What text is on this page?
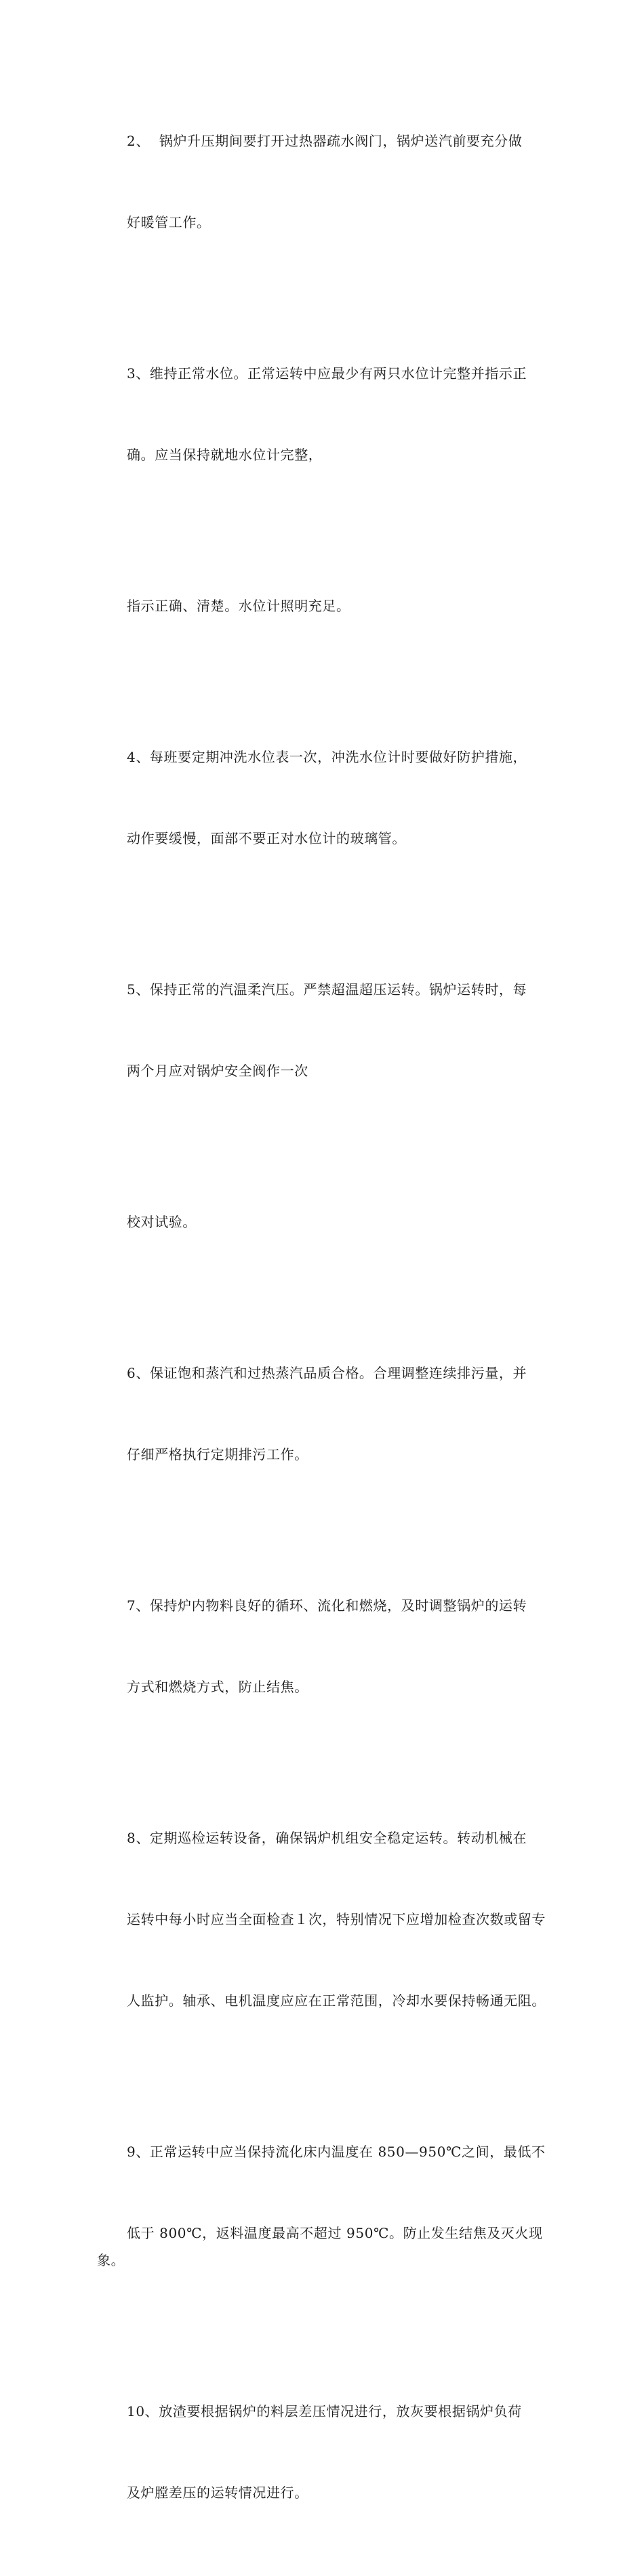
2、  锅炉升压期间要打开过热器疏水阀门，锅炉送汽前要充分做

好暖管工作。

3、维持正常水位。正常运转中应最少有两只水位计完整并指示正

确。应当保持就地水位计完整，

指示正确、清楚。水位计照明充足。

4、每班要定期冲洗水位表一次，冲洗水位计时要做好防护措施，

动作要缓慢，面部不要正对水位计的玻璃管。

5、保持正常的汽温柔汽压。严禁超温超压运转。锅炉运转时，每

两个月应对锅炉安全阀作一次

校对试验。

6、保证饱和蒸汽和过热蒸汽品质合格。合理调整连续排污量，并

仔细严格执行定期排污工作。

7、保持炉内物料良好的循环、流化和燃烧，及时调整锅炉的运转

方式和燃烧方式，防止结焦。

8、定期巡检运转设备，确保锅炉机组安全稳定运转。转动机械在

运转中每小时应当全面检查１次，特别情况下应增加检查次数或留专

人监护。轴承、电机温度应应在正常范围，冷却水要保持畅通无阻。

9、正常运转中应当保持流化床内温度在 850—950℃之间，最低不

低于 800℃，返料温度最高不超过 950℃。防止发生结焦及灭火现象。

10、放渣要根据锅炉的料层差压情况进行，放灰要根据锅炉负荷

及炉膛差压的运转情况进行。
